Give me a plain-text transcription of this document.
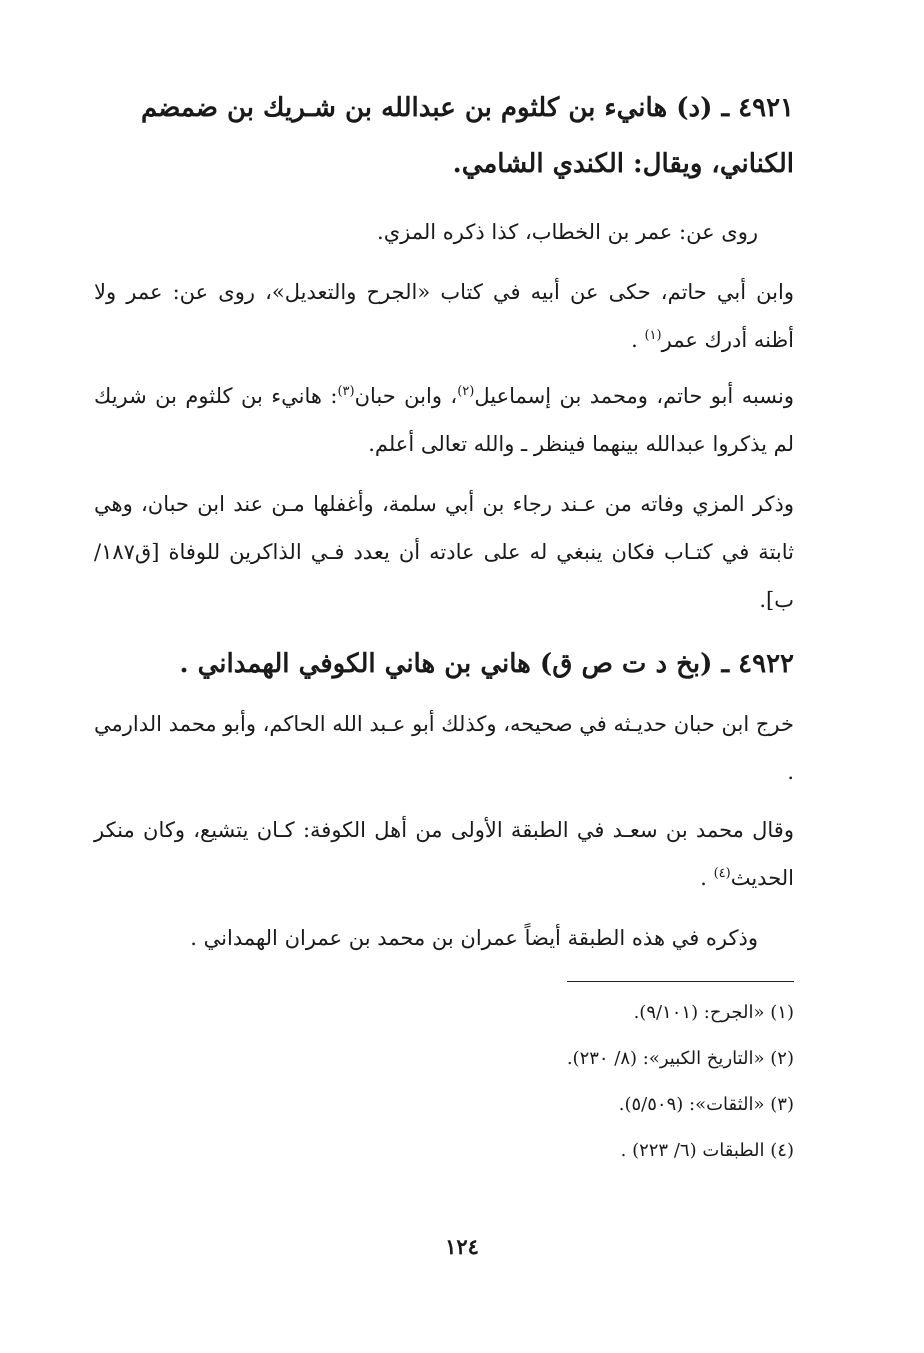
٤٩٢١ ـ (د) هانيء بن كلثوم بن عبدالله بن شـريك بن ضمضم الكناني، ويقال: الكندي الشامي.
روى عن: عمر بن الخطاب، كذا ذكره المزي.
وابن أبي حاتم، حكى عن أبيه في كتاب «الجرح والتعديل»، روى عن: عمر ولا أظنه أدرك عمر$^{(١)}$ .
ونسبه أبو حاتم، ومحمد بن إسماعيل$^{(٢)}$، وابن حبان$^{(٣)}$: هانيء بن كلثوم بن شريك لم يذكروا عبدالله بينهما فينظر ـ والله تعالى أعلم.
وذكر المزي وفاته من عـند رجاء بن أبي سلمة، وأغفلها مـن عند ابن حبان، وهي ثابتة في كتـاب فكان ينبغي له على عادته أن يعدد فـي الذاكرين للوفاة [ق١٨٧/ب].
٤٩٢٢ ـ (بخ د ت ص ق) هاني بن هاني الكوفي الهمداني .
خرج ابن حبان حديـثه في صحيحه، وكذلك أبو عـبد الله الحاكم، وأبو محمد الدارمي .
وقال محمد بن سعـد في الطبقة الأولى من أهل الكوفة: كـان يتشيع، وكان منكر الحديث$^{(٤)}$ .
وذكره في هذه الطبقة أيضاً عمران بن محمد بن عمران الهمداني .
(١) «الجرح: (٩/١٠١).
(٢) «التاريخ الكبير»: (٨/ ٢٣٠).
(٣) «الثقات»: (٥/٥٠٩).
(٤) الطبقات (٦/ ٢٢٣) .
١٢٤
